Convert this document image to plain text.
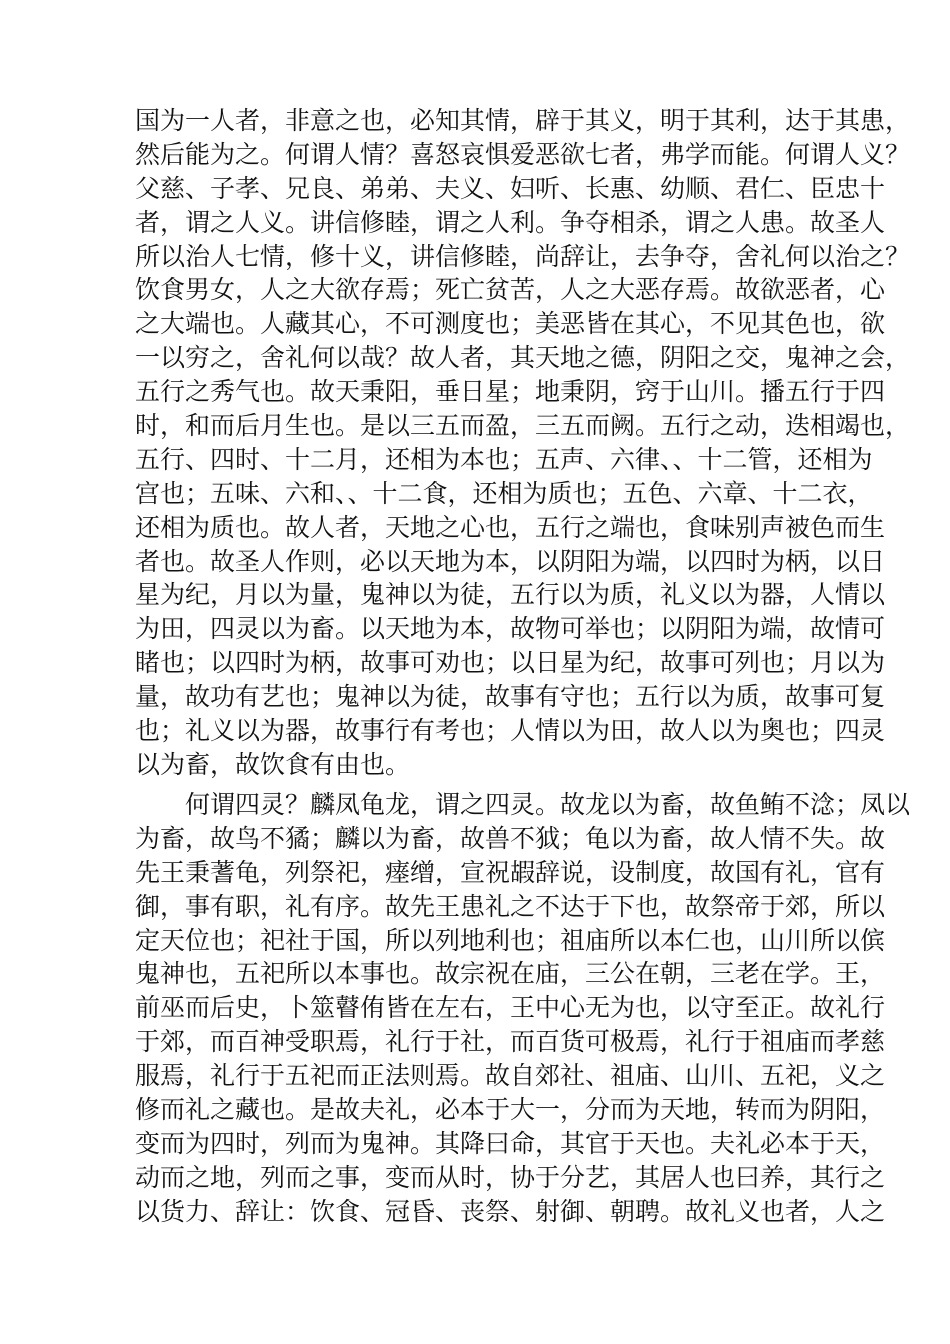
国为一人者，非意之也，必知其情，辟于其义，明于其利，达于其患，
然后能为之。何谓人情？喜怒哀惧爱恶欲七者，弗学而能。何谓人义？
父慈、子孝、兄良、弟弟、夫义、妇听、长惠、幼顺、君仁、臣忠十
者，谓之人义。讲信修睦，谓之人利。争夺相杀，谓之人患。故圣人
所以治人七情，修十义，讲信修睦，尚辞让，去争夺，舍礼何以治之？
饮食男女，人之大欲存焉；死亡贫苦，人之大恶存焉。故欲恶者，心
之大端也。人藏其心，不可测度也；美恶皆在其心，不见其色也，欲
一以穷之，舍礼何以哉？故人者，其天地之德，阴阳之交，鬼神之会，
五行之秀气也。故天秉阳，垂日星；地秉阴，窍于山川。播五行于四
时，和而后月生也。是以三五而盈，三五而阙。五行之动，迭相竭也，
五行、四时、十二月，还相为本也；五声、六律、、十二管，还相为
宫也；五味、六和、、十二食，还相为质也；五色、六章、十二衣，
还相为质也。故人者，天地之心也，五行之端也，食味别声被色而生
者也。故圣人作则，必以天地为本，以阴阳为端，以四时为柄，以日
星为纪，月以为量，鬼神以为徒，五行以为质，礼义以为器，人情以
为田，四灵以为畜。以天地为本，故物可举也；以阴阳为端，故情可
睹也；以四时为柄，故事可劝也；以日星为纪，故事可列也；月以为
量，故功有艺也；鬼神以为徒，故事有守也；五行以为质，故事可复
也；礼义以为器，故事行有考也；人情以为田，故人以为奥也；四灵
以为畜，故饮食有由也。
　　何谓四灵？麟凤龟龙，谓之四灵。故龙以为畜，故鱼鲔不淰；凤以
为畜，故鸟不獝；麟以为畜，故兽不狘；龟以为畜，故人情不失。故
先王秉蓍龟，列祭祀，瘗缯，宣祝嘏辞说，设制度，故国有礼，官有
御，事有职，礼有序。故先王患礼之不达于下也，故祭帝于郊，所以
定天位也；祀社于国，所以列地利也；祖庙所以本仁也，山川所以傧
鬼神也，五祀所以本事也。故宗祝在庙，三公在朝，三老在学。王，
前巫而后史，卜筮瞽侑皆在左右，王中心无为也，以守至正。故礼行
于郊，而百神受职焉，礼行于社，而百货可极焉，礼行于祖庙而孝慈
服焉，礼行于五祀而正法则焉。故自郊社、祖庙、山川、五祀，义之
修而礼之藏也。是故夫礼，必本于大一，分而为天地，转而为阴阳，
变而为四时，列而为鬼神。其降曰命，其官于天也。夫礼必本于天，
动而之地，列而之事，变而从时，协于分艺，其居人也曰养，其行之
以货力、辞让：饮食、冠昏、丧祭、射御、朝聘。故礼义也者，人之
